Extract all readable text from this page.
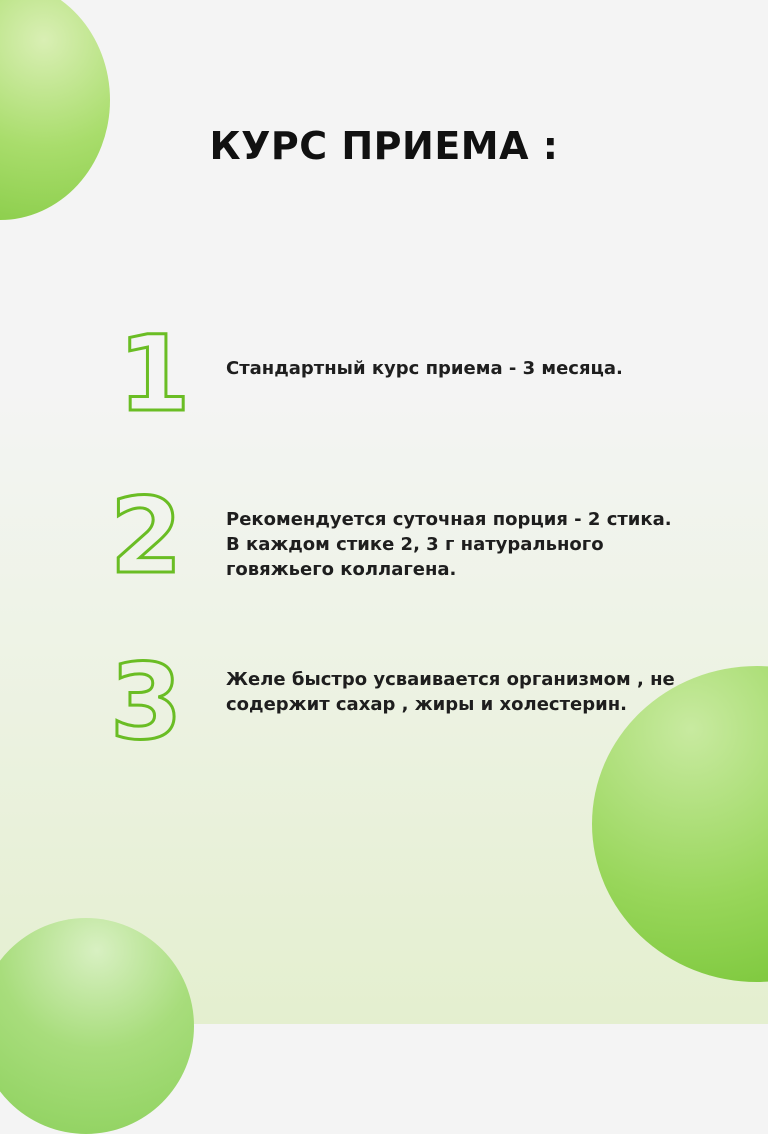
КУРС ПРИЕМА :
1 Стандартный курс приема - 3 месяца.

2 Рекомендуется суточная порция - 2 стика.
В каждом стике 2, 3 г натурального
говяжьего коллагена.

3 Желе быстро усваивается организмом , не
содержит сахар , жиры и холестерин.
